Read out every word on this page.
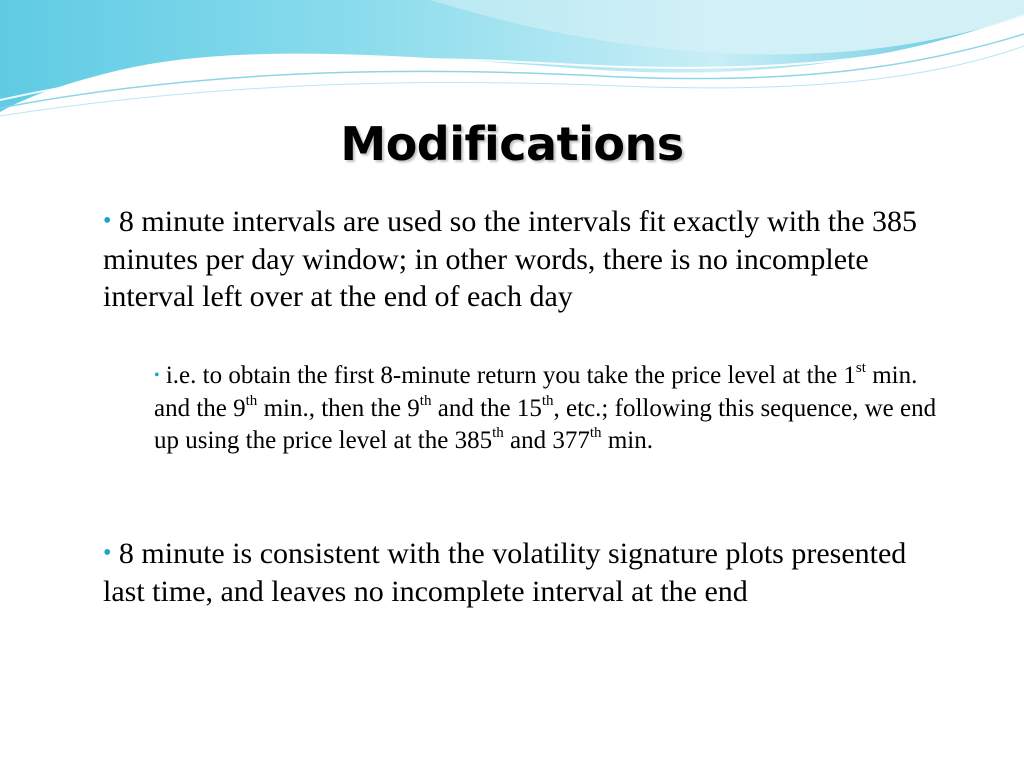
Modifications
• 8 minute intervals are used so the intervals fit exactly with the 385 minutes per day window; in other words, there is no incomplete interval left over at the end of each day
• i.e. to obtain the first 8-minute return you take the price level at the 1st min. and the 9th min., then the 9th and the 15th, etc.; following this sequence, we end up using the price level at the 385th and 377th min.
• 8 minute is consistent with the volatility signature plots presented last time, and leaves no incomplete interval at the end
